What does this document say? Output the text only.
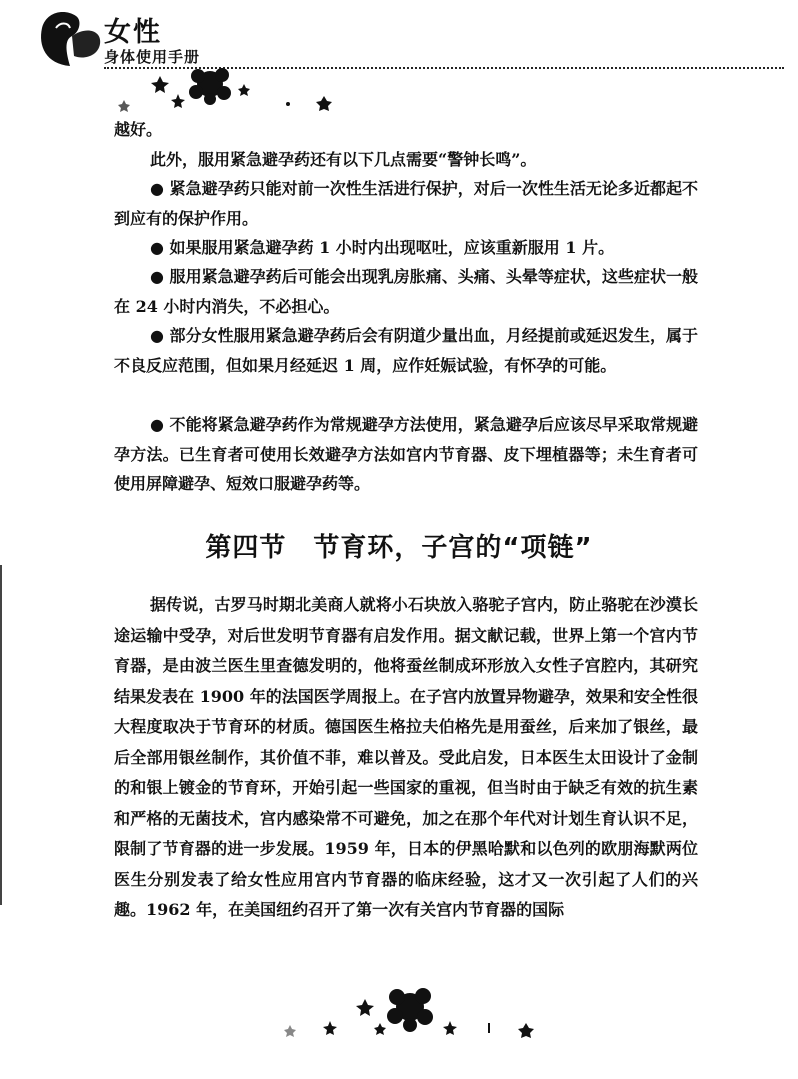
女性
身体使用手册

越好。

此外，服用紧急避孕药还有以下几点需要“警钟长鸣”。

● 紧急避孕药只能对前一次性生活进行保护，对后一次性生活无论多近都起不到应有的保护作用。

● 如果服用紧急避孕药 1 小时内出现呕吐，应该重新服用 1 片。

● 服用紧急避孕药后可能会出现乳房胀痛、头痛、头晕等症状，这些症状一般在 24 小时内消失，不必担心。

● 部分女性服用紧急避孕药后会有阴道少量出血，月经提前或延迟发生，属于不良反应范围，但如果月经延迟 1 周，应作妊娠试验，有怀孕的可能。

● 不能将紧急避孕药作为常规避孕方法使用，紧急避孕后应该尽早采取常规避孕方法。已生育者可使用长效避孕方法如宫内节育器、皮下埋植器等；未生育者可使用屏障避孕、短效口服避孕药等。

第四节　节育环，子宫的“项链”

据传说，古罗马时期北美商人就将小石块放入骆驼子宫内，防止骆驼在沙漠长途运输中受孕，对后世发明节育器有启发作用。据文献记载，世界上第一个宫内节育器，是由波兰医生里查德发明的，他将蚕丝制成环形放入女性子宫腔内，其研究结果发表在 1900 年的法国医学周报上。在子宫内放置异物避孕，效果和安全性很大程度取决于节育环的材质。德国医生格拉夫伯格先是用蚕丝，后来加了银丝，最后全部用银丝制作，其价值不菲，难以普及。受此启发，日本医生太田设计了金制的和银上镀金的节育环，开始引起一些国家的重视，但当时由于缺乏有效的抗生素和严格的无菌技术，宫内感染常不可避免，加之在那个年代对计划生育认识不足，限制了节育器的进一步发展。1959 年，日本的伊黑哈默和以色列的欧朋海默两位医生分别发表了给女性应用宫内节育器的临床经验，这才又一次引起了人们的兴趣。1962 年，在美国纽约召开了第一次有关宫内节育器的国际
